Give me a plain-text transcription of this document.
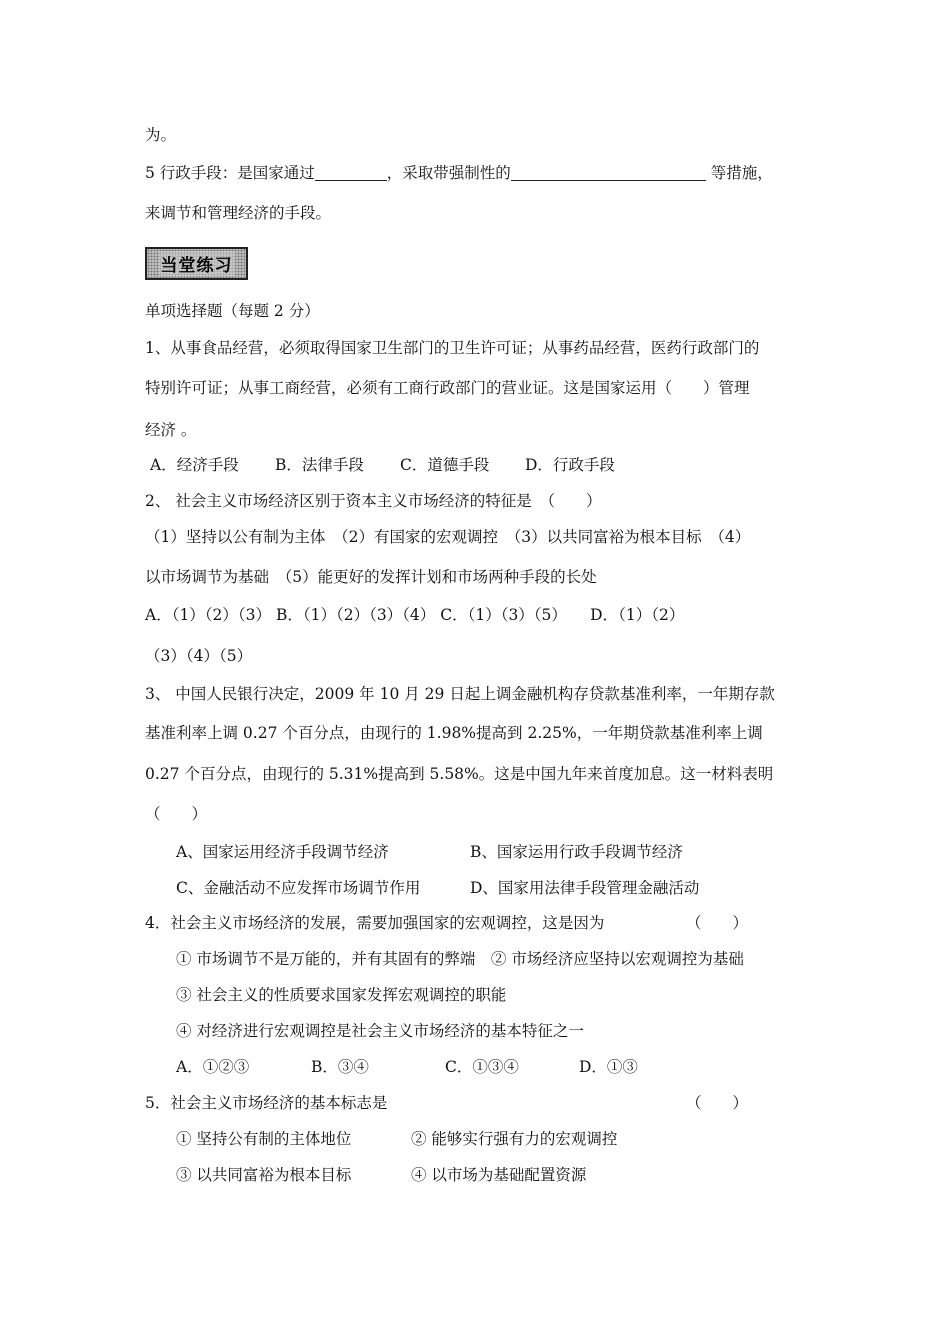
为。
5 行政手段：是国家通过	，采取带强制性的	等措施，
来调节和管理经济的手段。
当堂练习
单项选择题（每题 2 分）
1、从事食品经营，必须取得国家卫生部门的卫生许可证；从事药品经营，医药行政部门的
特别许可证；从事工商经营，必须有工商行政部门的营业证。这是国家运用（　　）管理
经济 。
A．经济手段 B．法律手段 C．道德手段 D．行政手段
2、 社会主义市场经济区别于资本主义市场经济的特征是　（　　）
（1）坚持以公有制为主体　（2）有国家的宏观调控　（3）以共同富裕为根本目标　（4）
以市场调节为基础　（5）能更好的发挥计划和市场两种手段的长处
A．（1）（2）（3） B．（1）（2）（3）（4） C．（1）（3）（5）　　D．（1）（2）
（3）（4）（5）
3、 中国人民银行决定，2009 年 10 月 29 日起上调金融机构存贷款基准利率，一年期存款
基准利率上调 0.27 个百分点，由现行的 1.98%提高到 2.25%，一年期贷款基准利率上调
0.27 个百分点，由现行的 5.31%提高到 5.58%。这是中国九年来首度加息。这一材料表明
（　　）
A、国家运用经济手段调节经济	B、国家运用行政手段调节经济
C、金融活动不应发挥市场调节作用	D、国家用法律手段管理金融活动
4．社会主义市场经济的发展，需要加强国家的宏观调控，这是因为	（　　）
① 市场调节不是万能的，并有其固有的弊端　② 市场经济应坚持以宏观调控为基础
③ 社会主义的性质要求国家发挥宏观调控的职能
④ 对经济进行宏观调控是社会主义市场经济的基本特征之一
A．①②③	B．③④	C．①③④	D．①③
5．社会主义市场经济的基本标志是	（　　）
① 坚持公有制的主体地位	② 能够实行强有力的宏观调控
③ 以共同富裕为根本目标	④ 以市场为基础配置资源
